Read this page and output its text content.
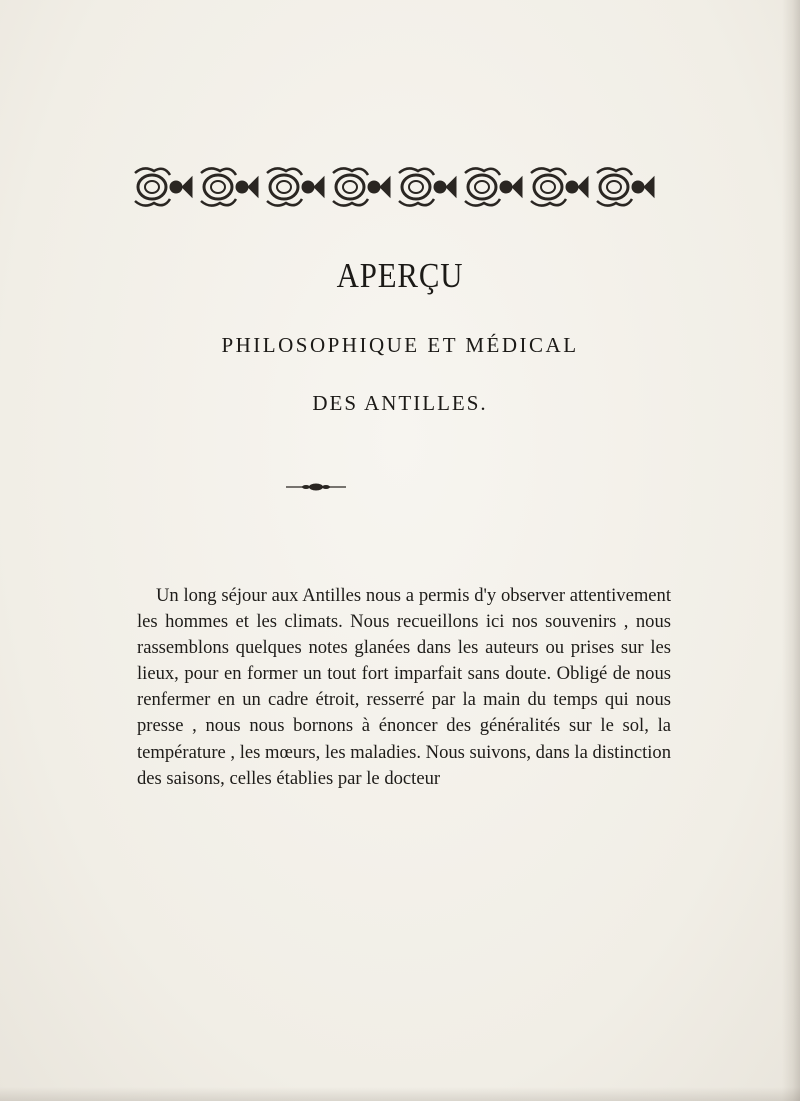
APERÇU
PHILOSOPHIQUE ET MÉDICAL
DES ANTILLES.

Un long séjour aux Antilles nous a permis d'y observer attentivement les hommes et les climats. Nous recueillons ici nos souvenirs , nous rassemblons quelques notes glanées dans les auteurs ou prises sur les lieux, pour en former un tout fort imparfait sans doute. Obligé de nous renfermer en un cadre étroit, resserré par la main du temps qui nous presse , nous nous bornons à énoncer des généralités sur le sol, la température , les mœurs, les maladies. Nous suivons, dans la distinction des saisons, celles établies par le docteur
